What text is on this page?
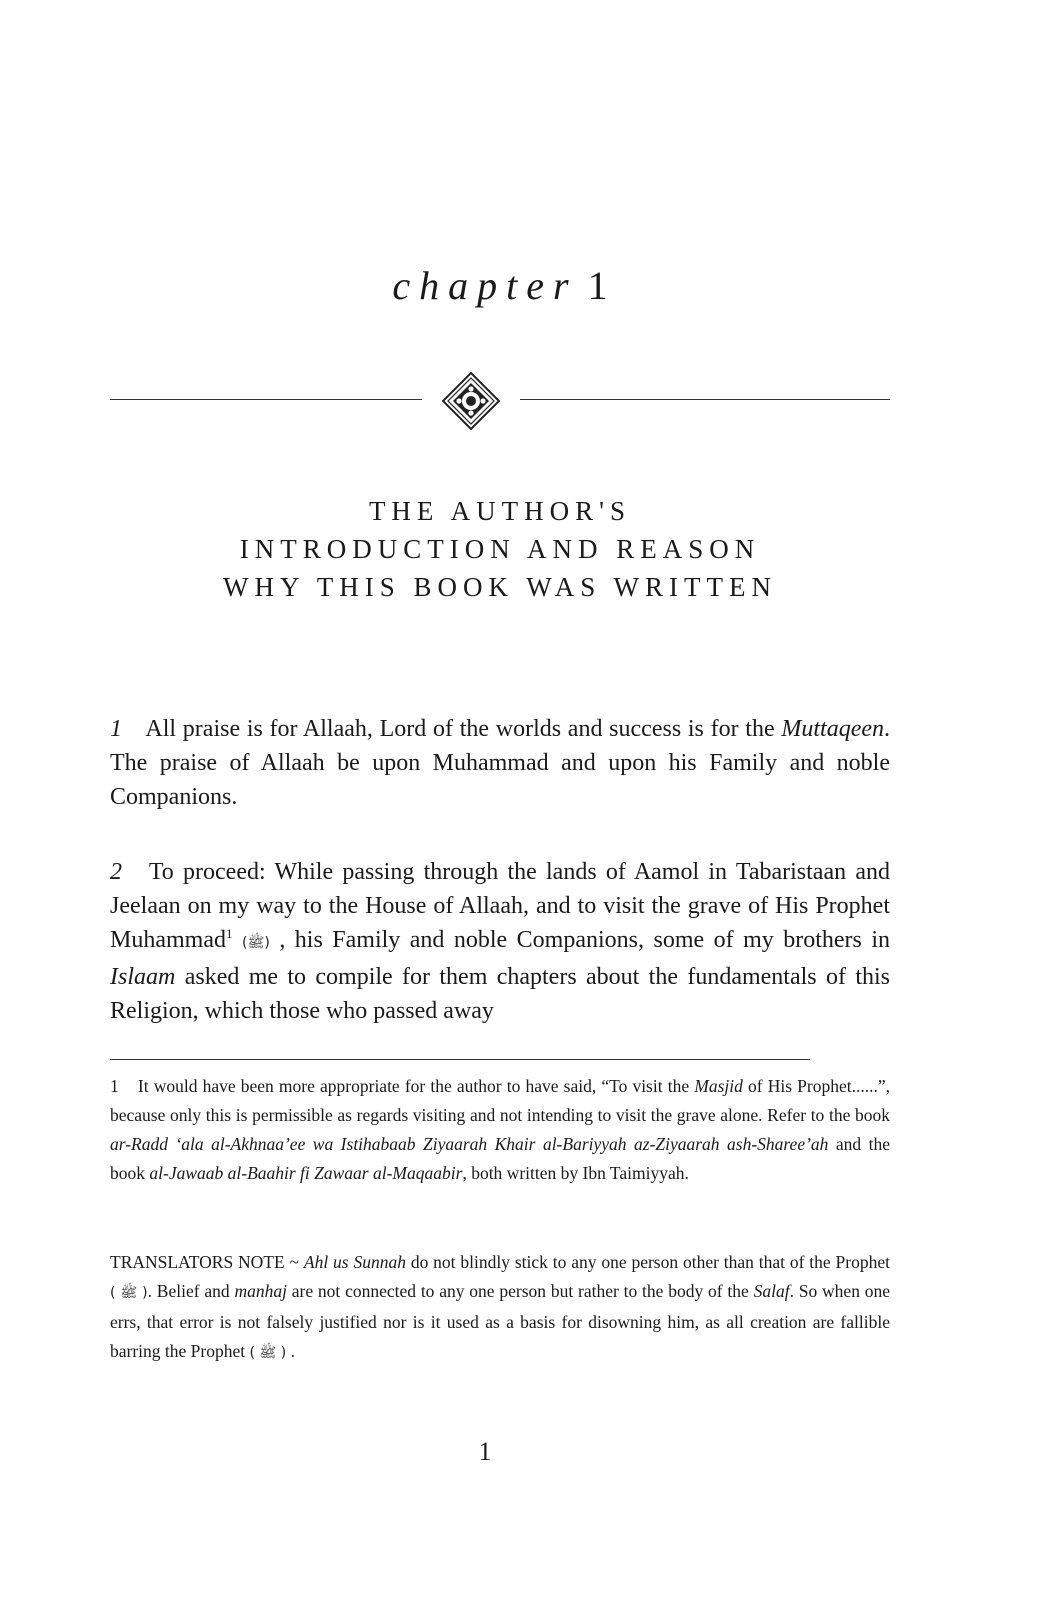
chapter 1
THE AUTHOR'S
INTRODUCTION AND REASON
WHY THIS BOOK WAS WRITTEN
1 All praise is for Allaah, Lord of the worlds and success is for the Muttaqeen. The praise of Allaah be upon Muhammad and upon his Family and noble Companions.
2 To proceed: While passing through the lands of Aamol in Tabaristaan and Jeelaan on my way to the House of Allaah, and to visit the grave of His Prophet Muhammad$^1$ (ﷺ) , his Family and noble Companions, some of my brothers in Islaam asked me to compile for them chapters about the fundamentals of this Religion, which those who passed away
1 It would have been more appropriate for the author to have said, “To visit the Masjid of His Prophet......”, because only this is permissible as regards visiting and not intending to visit the grave alone. Refer to the book ar-Radd ‘ala al-Akhnaa’ee wa Istihabaab Ziyaarah Khair al-Bariyyah az-Ziyaarah ash-Sharee’ah and the book al-Jawaab al-Baahir fi Zawaar al-Maqaabir, both written by Ibn Taimiyyah.
TRANSLATORS NOTE ~ Ahl us Sunnah do not blindly stick to any one person other than that of the Prophet ( ﷺ ). Belief and manhaj are not connected to any one person but rather to the body of the Salaf. So when one errs, that error is not falsely justified nor is it used as a basis for disowning him, as all creation are fallible barring the Prophet ( ﷺ ) .
1
